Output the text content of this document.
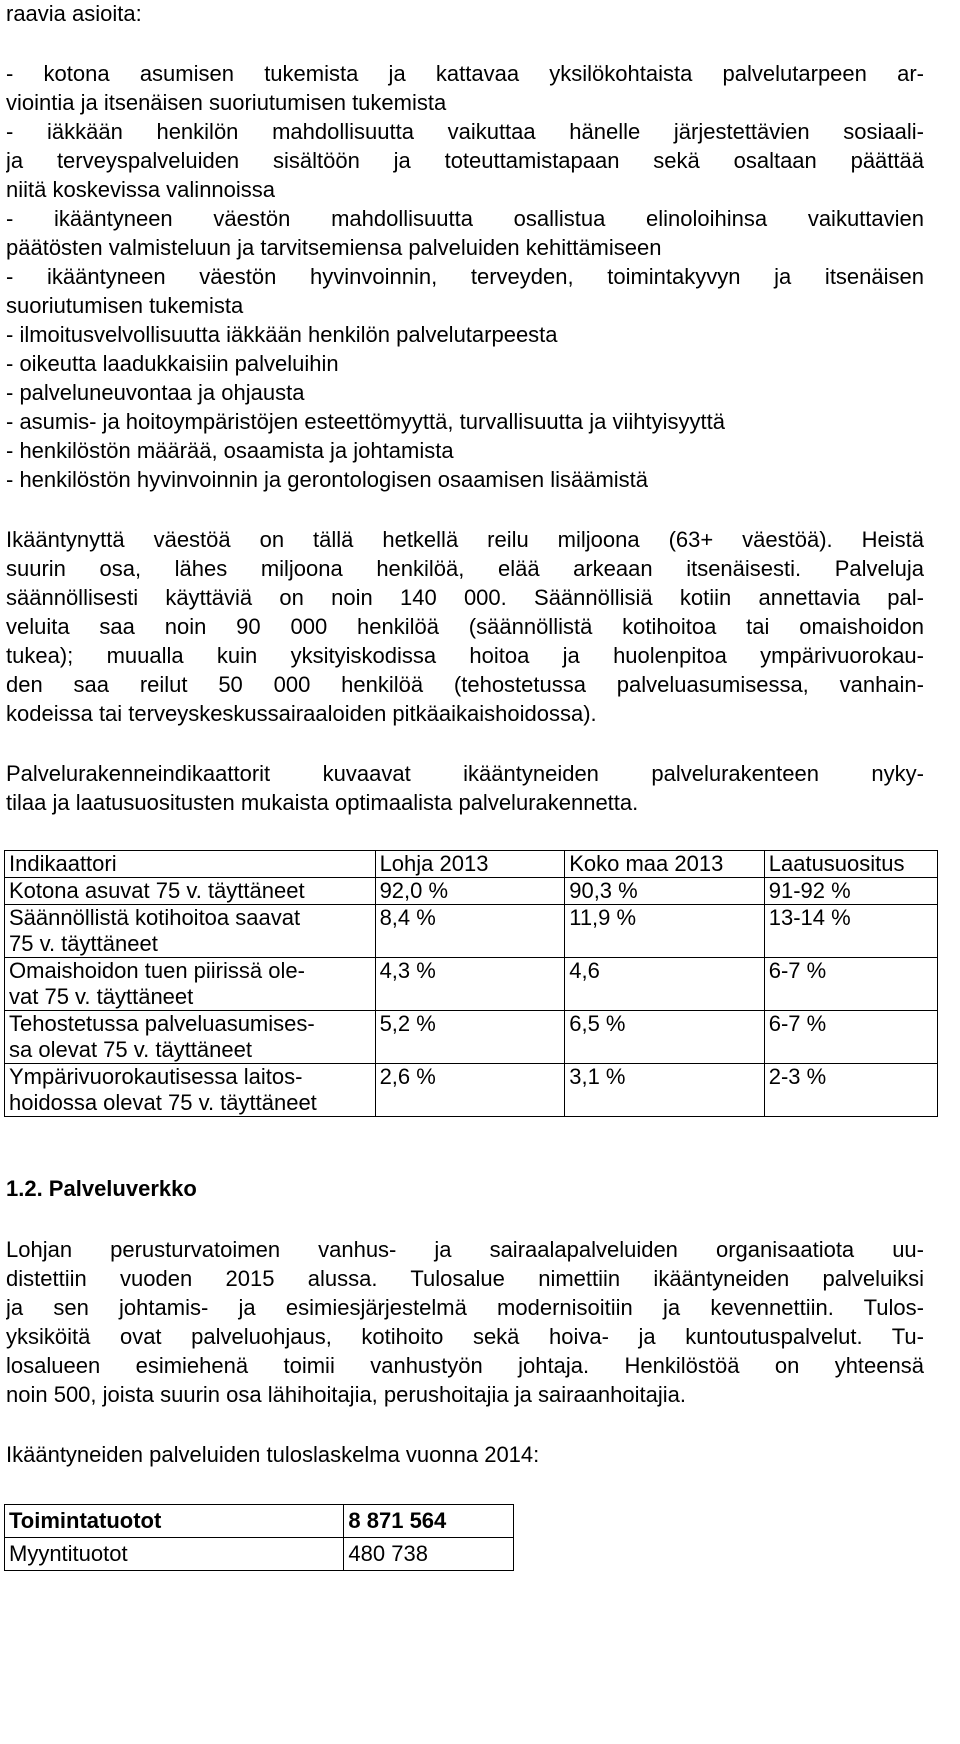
raavia asioita:
- kotona asumisen tukemista ja kattavaa yksilökohtaista palvelutarpeen ar-
viointia ja itsenäisen suoriutumisen tukemista
- iäkkään henkilön mahdollisuutta vaikuttaa hänelle järjestettävien sosiaali-
ja terveyspalveluiden sisältöön ja toteuttamistapaan sekä osaltaan päättää
niitä koskevissa valinnoissa
- ikääntyneen väestön mahdollisuutta osallistua elinoloihinsa vaikuttavien
päätösten valmisteluun ja tarvitsemiensa palveluiden kehittämiseen
- ikääntyneen väestön hyvinvoinnin, terveyden, toimintakyvyn ja itsenäisen
suoriutumisen tukemista
- ilmoitusvelvollisuutta iäkkään henkilön palvelutarpeesta
- oikeutta laadukkaisiin palveluihin
- palveluneuvontaa ja ohjausta
- asumis- ja hoitoympäristöjen esteettömyyttä, turvallisuutta ja viihtyisyyttä
- henkilöstön määrää, osaamista ja johtamista
- henkilöstön hyvinvoinnin ja gerontologisen osaamisen lisäämistä
Ikääntynyttä väestöä on tällä hetkellä reilu miljoona (63+ väestöä). Heistä
suurin osa, lähes miljoona henkilöä, elää arkeaan itsenäisesti. Palveluja
säännöllisesti käyttäviä on noin 140 000. Säännöllisiä kotiin annettavia pal-
veluita saa noin 90 000 henkilöä (säännöllistä kotihoitoa tai omaishoidon
tukea); muualla kuin yksityiskodissa hoitoa ja huolenpitoa ympärivuorokau-
den saa reilut 50 000 henkilöä (tehostetussa palveluasumisessa, vanhain-
kodeissa tai terveyskeskussairaaloiden pitkäaikaishoidossa).
Palvelurakenneindikaattorit kuvaavat ikääntyneiden palvelurakenteen nyky-
tilaa ja laatusuositusten mukaista optimaalista palvelurakennetta.
Indikaattori	Lohja 2013	Koko maa 2013	Laatusuositus

Kotona asuvat 75 v. täyttäneet	92,0 %	90,3 %	91-92 %

Säännöllistä kotihoitoa saavat
75 v. täyttäneet	8,4 %	11,9 %	13-14 %

Omaishoidon tuen piirissä ole-
vat 75 v. täyttäneet	4,3 %	4,6	6-7 %

Tehostetussa palveluasumises-
sa olevat 75 v. täyttäneet	5,2 %	6,5 %	6-7 %

Ympärivuorokautisessa laitos-
hoidossa olevat 75 v. täyttäneet	2,6 %	3,1 %	2-3 %
1.2. Palveluverkko
Lohjan perusturvatoimen vanhus- ja sairaalapalveluiden organisaatiota uu-
distettiin vuoden 2015 alussa. Tulosalue nimettiin ikääntyneiden palveluiksi
ja sen johtamis- ja esimiesjärjestelmä modernisoitiin ja kevennettiin. Tulos-
yksiköitä ovat palveluohjaus, kotihoito sekä hoiva- ja kuntoutuspalvelut. Tu-
losalueen esimiehenä toimii vanhustyön johtaja. Henkilöstöä on yhteensä
noin 500, joista suurin osa lähihoitajia, perushoitajia ja sairaanhoitajia.
Ikääntyneiden palveluiden tuloslaskelma vuonna 2014:
Toimintatuotot	8 871 564
Myyntituotot	480 738
